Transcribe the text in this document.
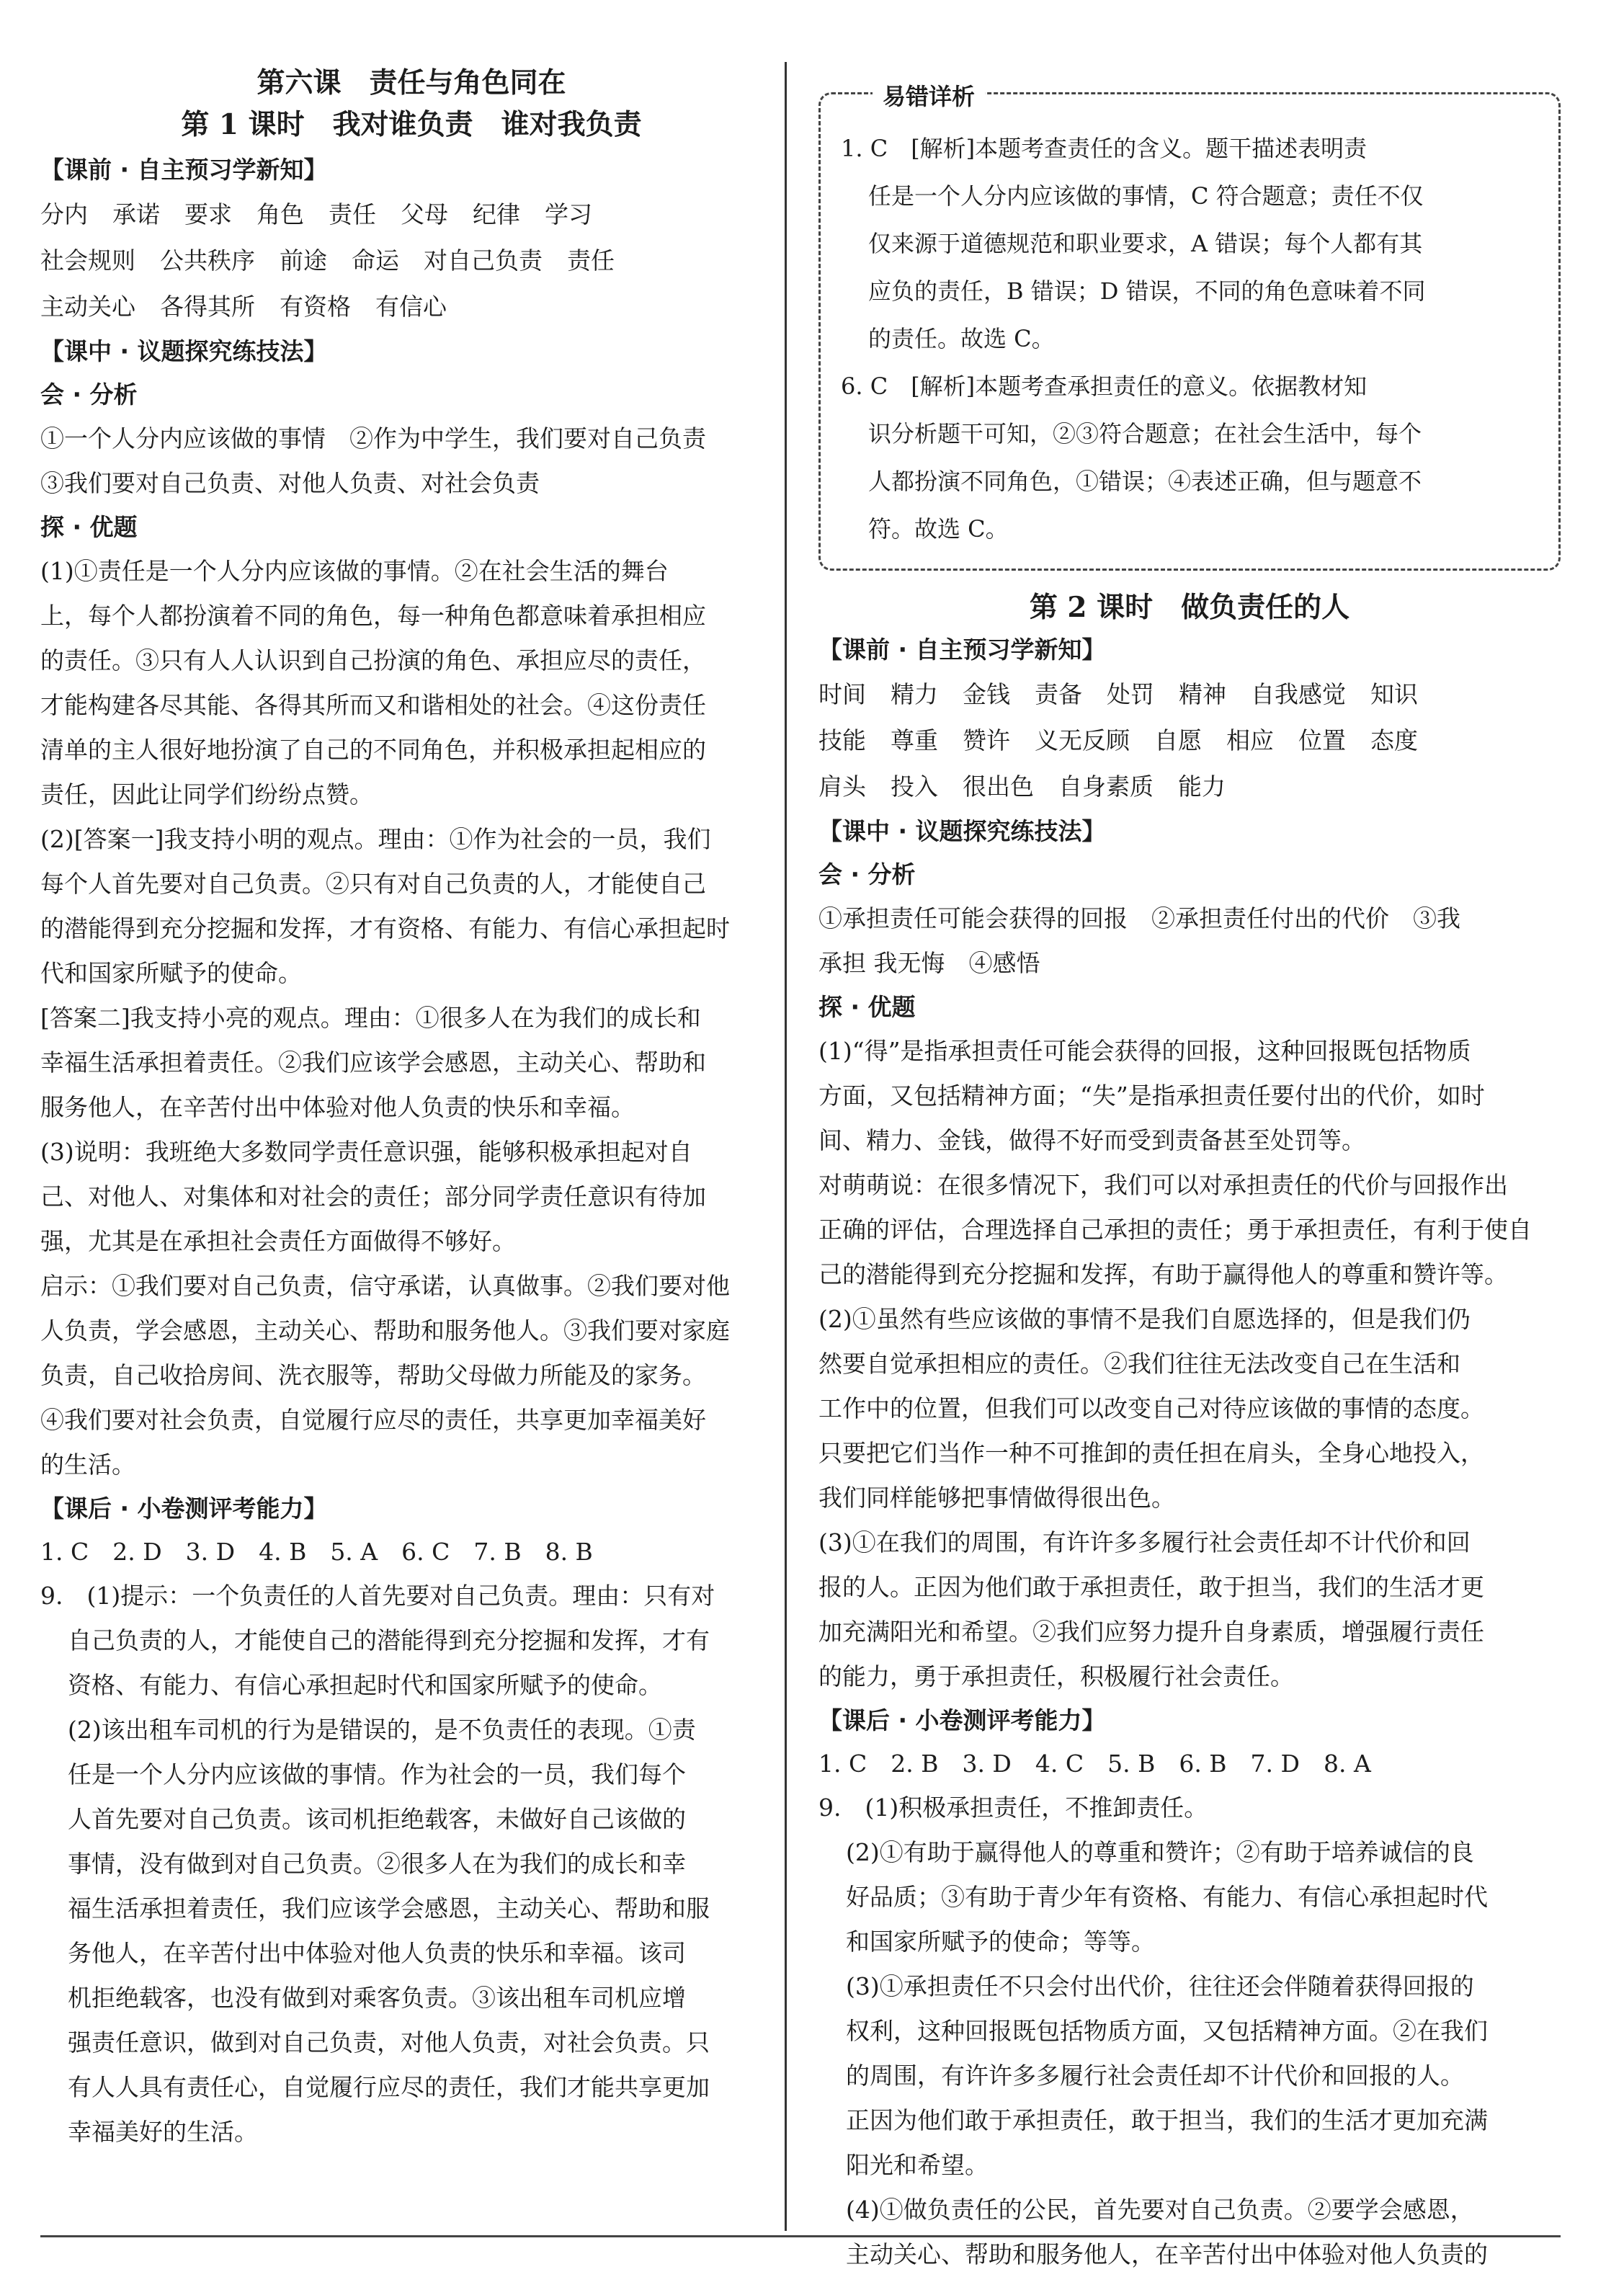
第六课　责任与角色同在

第 1 课时　我对谁负责　谁对我负责

【课前 · 自主预习学新知】

分内 承诺 要求 角色 责任 父母 纪律 学习
社会规则 公共秩序 前途 命运 对自己负责 责任
主动关心 各得其所 有资格 有信心

【课中 · 议题探究练技法】

会 · 分析

①一个人分内应该做的事情　②作为中学生，我们要对自己负责

③我们要对自己负责、对他人负责、对社会负责

探 · 优题

(1)①责任是一个人分内应该做的事情。②在社会生活的舞台

上，每个人都扮演着不同的角色，每一种角色都意味着承担相应

的责任。③只有人人认识到自己扮演的角色、承担应尽的责任，

才能构建各尽其能、各得其所而又和谐相处的社会。④这份责任

清单的主人很好地扮演了自己的不同角色，并积极承担起相应的

责任，因此让同学们纷纷点赞。

(2)[答案一]我支持小明的观点。理由：①作为社会的一员，我们

每个人首先要对自己负责。②只有对自己负责的人，才能使自己

的潜能得到充分挖掘和发挥，才有资格、有能力、有信心承担起时

代和国家所赋予的使命。

[答案二]我支持小亮的观点。理由：①很多人在为我们的成长和

幸福生活承担着责任。②我们应该学会感恩，主动关心、帮助和

服务他人，在辛苦付出中体验对他人负责的快乐和幸福。

(3)说明：我班绝大多数同学责任意识强，能够积极承担起对自

己、对他人、对集体和对社会的责任；部分同学责任意识有待加

强，尤其是在承担社会责任方面做得不够好。

启示：①我们要对自己负责，信守承诺，认真做事。②我们要对他

人负责，学会感恩，主动关心、帮助和服务他人。③我们要对家庭

负责，自己收拾房间、洗衣服等，帮助父母做力所能及的家务。

④我们要对社会负责，自觉履行应尽的责任，共享更加幸福美好

的生活。

【课后 · 小卷测评考能力】

1. C　2. D　3. D　4. B　5. A　6. C　7. B　8. B

9.　(1)提示：一个负责任的人首先要对自己负责。理由：只有对

自己负责的人，才能使自己的潜能得到充分挖掘和发挥，才有

资格、有能力、有信心承担起时代和国家所赋予的使命。

(2)该出租车司机的行为是错误的，是不负责任的表现。①责

任是一个人分内应该做的事情。作为社会的一员，我们每个

人首先要对自己负责。该司机拒绝载客，未做好自己该做的

事情，没有做到对自己负责。②很多人在为我们的成长和幸

福生活承担着责任，我们应该学会感恩，主动关心、帮助和服

务他人，在辛苦付出中体验对他人负责的快乐和幸福。该司

机拒绝载客，也没有做到对乘客负责。③该出租车司机应增

强责任意识，做到对自己负责，对他人负责，对社会负责。只

有人人具有责任心，自觉履行应尽的责任，我们才能共享更加

幸福美好的生活。

易错详析

1. C　[解析]本题考查责任的含义。题干描述表明责

任是一个人分内应该做的事情，C 符合题意；责任不仅

仅来源于道德规范和职业要求，A 错误；每个人都有其

应负的责任，B 错误；D 错误，不同的角色意味着不同

的责任。故选 C。

6. C　[解析]本题考查承担责任的意义。依据教材知

识分析题干可知，②③符合题意；在社会生活中，每个

人都扮演不同角色，①错误；④表述正确，但与题意不

符。故选 C。

第 2 课时　做负责任的人

【课前 · 自主预习学新知】

时间 精力 金钱 责备 处罚 精神 自我感觉 知识
技能 尊重 赞许 义无反顾 自愿 相应 位置 态度
肩头 投入 很出色 自身素质 能力

【课中 · 议题探究练技法】

会 · 分析

①承担责任可能会获得的回报　②承担责任付出的代价　③我

承担 我无悔　④感悟

探 · 优题

(1)“得”是指承担责任可能会获得的回报，这种回报既包括物质

方面，又包括精神方面；“失”是指承担责任要付出的代价，如时

间、精力、金钱，做得不好而受到责备甚至处罚等。

对萌萌说：在很多情况下，我们可以对承担责任的代价与回报作出

正确的评估，合理选择自己承担的责任；勇于承担责任，有利于使自

己的潜能得到充分挖掘和发挥，有助于赢得他人的尊重和赞许等。

(2)①虽然有些应该做的事情不是我们自愿选择的，但是我们仍

然要自觉承担相应的责任。②我们往往无法改变自己在生活和

工作中的位置，但我们可以改变自己对待应该做的事情的态度。

只要把它们当作一种不可推卸的责任担在肩头，全身心地投入，

我们同样能够把事情做得很出色。

(3)①在我们的周围，有许许多多履行社会责任却不计代价和回

报的人。正因为他们敢于承担责任，敢于担当，我们的生活才更

加充满阳光和希望。②我们应努力提升自身素质，增强履行责任

的能力，勇于承担责任，积极履行社会责任。

【课后 · 小卷测评考能力】

1. C　2. B　3. D　4. C　5. B　6. B　7. D　8. A

9.　(1)积极承担责任，不推卸责任。

(2)①有助于赢得他人的尊重和赞许；②有助于培养诚信的良

好品质；③有助于青少年有资格、有能力、有信心承担起时代

和国家所赋予的使命；等等。

(3)①承担责任不只会付出代价，往往还会伴随着获得回报的

权利，这种回报既包括物质方面，又包括精神方面。②在我们

的周围，有许许多多履行社会责任却不计代价和回报的人。

正因为他们敢于承担责任，敢于担当，我们的生活才更加充满

阳光和希望。

(4)①做负责任的公民，首先要对自己负责。②要学会感恩，

主动关心、帮助和服务他人，在辛苦付出中体验对他人负责的
